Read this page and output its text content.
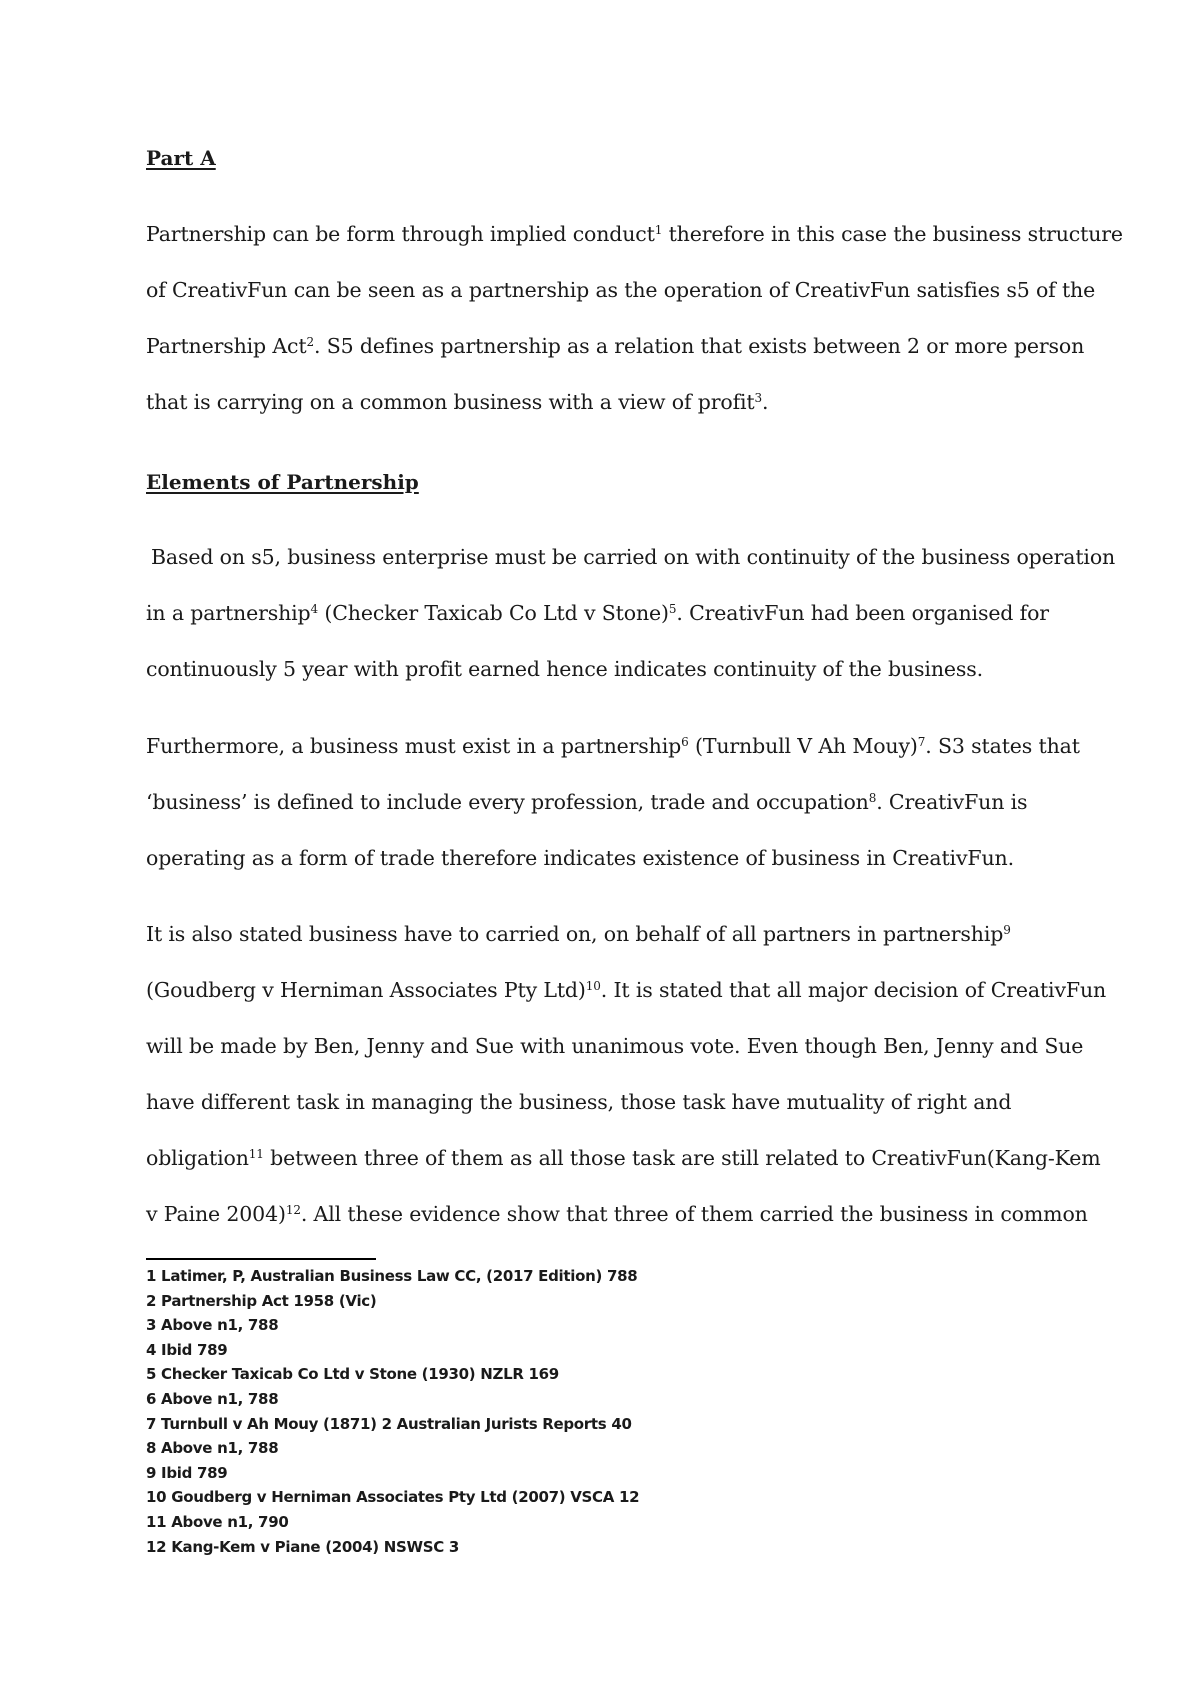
Part A

Partnership can be form through implied conduct$^1$ therefore in this case the business structure

of CreativFun can be seen as a partnership as the operation of CreativFun satisfies s5 of the

Partnership Act$^2$. S5 defines partnership as a relation that exists between 2 or more person

that is carrying on a common business with a view of profit$^3$.

Elements of Partnership

Based on s5, business enterprise must be carried on with continuity of the business operation

in a partnership$^4$ (Checker Taxicab Co Ltd v Stone)$^5$. CreativFun had been organised for

continuously 5 year with profit earned hence indicates continuity of the business.

Furthermore, a business must exist in a partnership$^6$ (Turnbull V Ah Mouy)$^7$. S3 states that

‘business’ is defined to include every profession, trade and occupation$^8$. CreativFun is

operating as a form of trade therefore indicates existence of business in CreativFun.

It is also stated business have to carried on, on behalf of all partners in partnership$^9$

(Goudberg v Herniman Associates Pty Ltd)$^{10}$. It is stated that all major decision of CreativFun

will be made by Ben, Jenny and Sue with unanimous vote. Even though Ben, Jenny and Sue

have different task in managing the business, those task have mutuality of right and

obligation$^{11}$ between three of them as all those task are still related to CreativFun(Kang-Kem

v Paine 2004)$^{12}$. All these evidence show that three of them carried the business in common

1 Latimer, P, Australian Business Law CC, (2017 Edition) 788
2 Partnership Act 1958 (Vic)
3 Above n1, 788
4 Ibid 789
5 Checker Taxicab Co Ltd v Stone (1930) NZLR 169
6 Above n1, 788
7 Turnbull v Ah Mouy (1871) 2 Australian Jurists Reports 40
8 Above n1, 788
9 Ibid 789
10 Goudberg v Herniman Associates Pty Ltd (2007) VSCA 12
11 Above n1, 790
12 Kang-Kem v Piane (2004) NSWSC 3
